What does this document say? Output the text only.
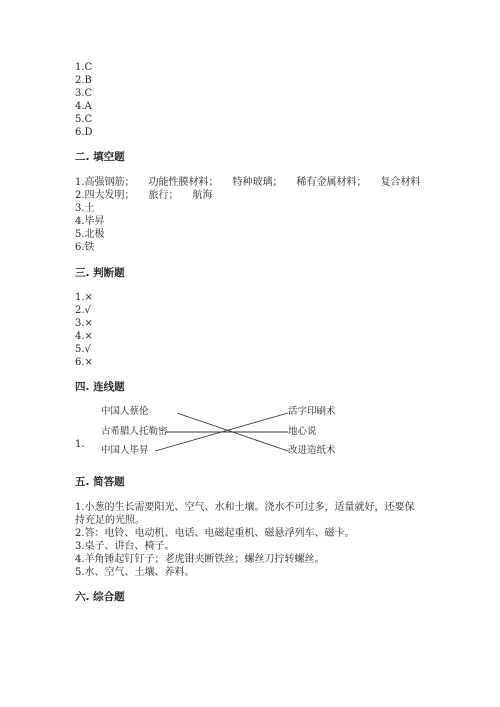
1.C
2.B
3.C
4.A
5.C
6.D
二. 填空题
1.高强钢筋； 功能性膜材料； 特种玻璃； 稀有金属材料； 复合材料
2.四大发明； 旅行； 航海
3.土
4.毕昇
5.北极
6.铁
三. 判断题
1.×
2.√
3.×
4.×
5.√
6.×
四. 连线题
1.
中国人蔡伦
古希腊人托勒密
中国人毕昇
活字印刷术
地心说
改进造纸术
五. 简答题
1.小葱的生长需要阳光、空气、水和土壤。浇水不可过多，适量就好，还要保
持充足的光照。
2.答：电铃、电动机、电话、电磁起重机、磁悬浮列车、磁卡。
3.桌子、讲台、椅子。
4.羊角锤起钉钉子；老虎钳夹断铁丝；螺丝刀拧转螺丝。
5.水、空气、土壤、养料。
六. 综合题
